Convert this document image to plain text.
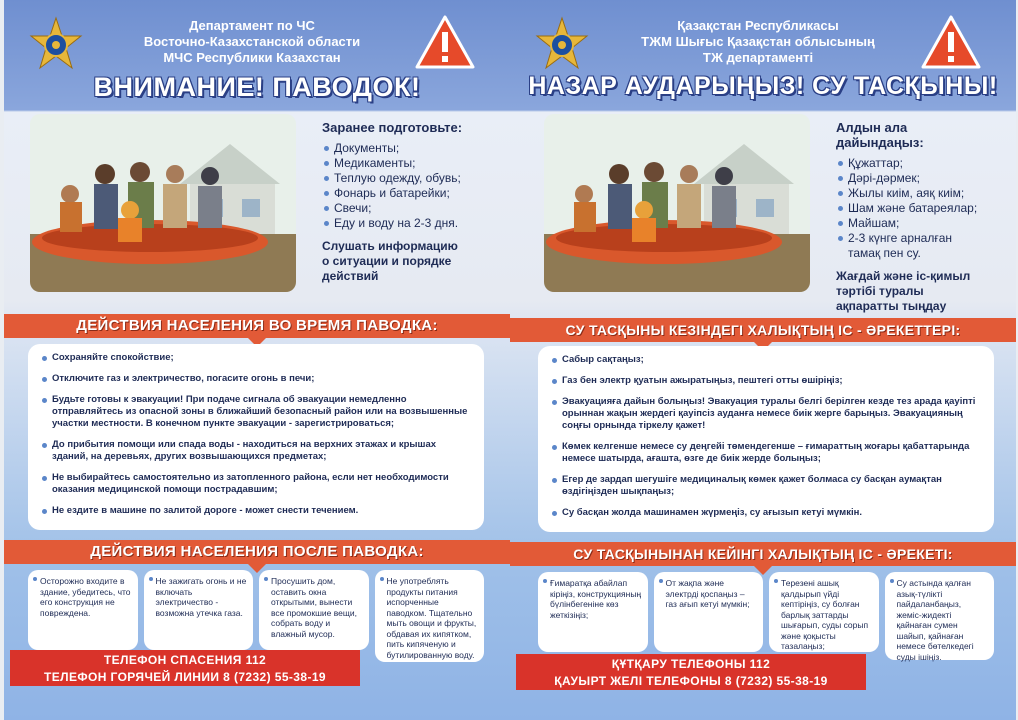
Департамент по ЧС
Восточно-Казахстанской области
МЧС Республики Казахстан
ВНИМАНИЕ! ПАВОДОК!
Заранее подготовьте:
Документы;
Медикаменты;
Теплую одежду, обувь;
Фонарь и батарейки;
Свечи;
Еду и воду на 2-3 дня.
Слушать информацию о ситуации и порядке действий
ДЕЙСТВИЯ НАСЕЛЕНИЯ ВО ВРЕМЯ ПАВОДКА:
Сохраняйте спокойствие;
Отключите газ и электричество, погасите огонь в печи;
Будьте готовы к эвакуации! При подаче сигнала об эвакуации немедленно отправляйтесь из опасной зоны в ближайший безопасный район или на возвышенные участки местности. В конечном пункте эвакуации - зарегистрироваться;
До прибытия помощи или спада воды - находиться на верхних этажах и крышах зданий, на деревьях, других возвышающихся предметах;
Не выбирайтесь самостоятельно из затопленного района, если нет необходимости оказания медицинской помощи пострадавшим;
Не ездите в машине по залитой дороге - может снести течением.
ДЕЙСТВИЯ НАСЕЛЕНИЯ ПОСЛЕ ПАВОДКА:
Осторожно входите в здание, убедитесь, что его конструкция не повреждена.
Не зажигать огонь и не включать электричество - возможна утечка газа.
Просушить дом, оставить окна открытыми, вынести все промокшие вещи, собрать воду и влажный мусор.
Не употреблять продукты питания испорченные паводком. Тщательно мыть овощи и фрукты, обдавая их кипятком, пить кипяченую и бутилированную воду.
ТЕЛЕФОН СПАСЕНИЯ 112
ТЕЛЕФОН ГОРЯЧЕЙ ЛИНИИ 8 (7232) 55-38-19
Қазақстан Республикасы
ТЖМ Шығыс Қазақстан облысының
ТЖ департаменті
НАЗАР АУДАРЫҢЫЗ! СУ ТАСҚЫНЫ!
Алдын ала дайындаңыз:
Құжаттар;
Дәрі-дәрмек;
Жылы киім, аяқ киім;
Шам және батареялар;
Майшам;
2-3 күнге арналған тамақ пен су.
Жағдай және іс-қимыл тәртібі туралы ақпаратты тыңдау
СУ ТАСҚЫНЫ КЕЗІНДЕГІ ХАЛЫҚТЫҢ ІС - ӘРЕКЕТТЕРІ:
Сабыр сақтаңыз;
Газ бен электр қуатын ажыратыңыз, пештегі отты өшіріңіз;
Эвакуацияға дайын болыңыз! Эвакуация туралы белгі берілген кезде тез арада қауіпті орыннан жақын жердегі қауіпсіз ауданға немесе биік жерге барыңыз. Эвакуацияның соңғы орнында тіркелу қажет!
Көмек келгенше немесе су деңгейі төмендегенше – ғимараттың жоғары қабаттарында немесе шатырда, ағашта, өзге де биік жерде болыңыз;
Егер де зардап шегушіге медициналық көмек қажет болмаса су басқан аумақтан өздігіңізден шықпаңыз;
Су басқан жолда машинамен жүрмеңіз, су ағызып кетуі мүмкін.
СУ ТАСҚЫНЫНАН КЕЙІНГІ ХАЛЫҚТЫҢ ІС - ӘРЕКЕТІ:
Ғимаратқа абайлап кіріңіз, конструкцияның бүлінбегеніне көз жеткізіңіз;
От жақпа және электрді қоспаңыз – газ ағып кетуі мүмкін;
Терезені ашық қалдырып үйді кептіріңіз, су болған барлық заттарды шығарып, суды сорып және қоқысты тазалаңыз;
Су астында қалған азық-түлікті пайдаланбаңыз, жеміс-жидекті қайнаған сумен шайып, қайнаған немесе бөтелкедегі суды ішіңіз.
ҚҰТҚАРУ ТЕЛЕФОНЫ 112
ҚАУЫРТ ЖЕЛІ ТЕЛЕФОНЫ 8 (7232) 55-38-19
